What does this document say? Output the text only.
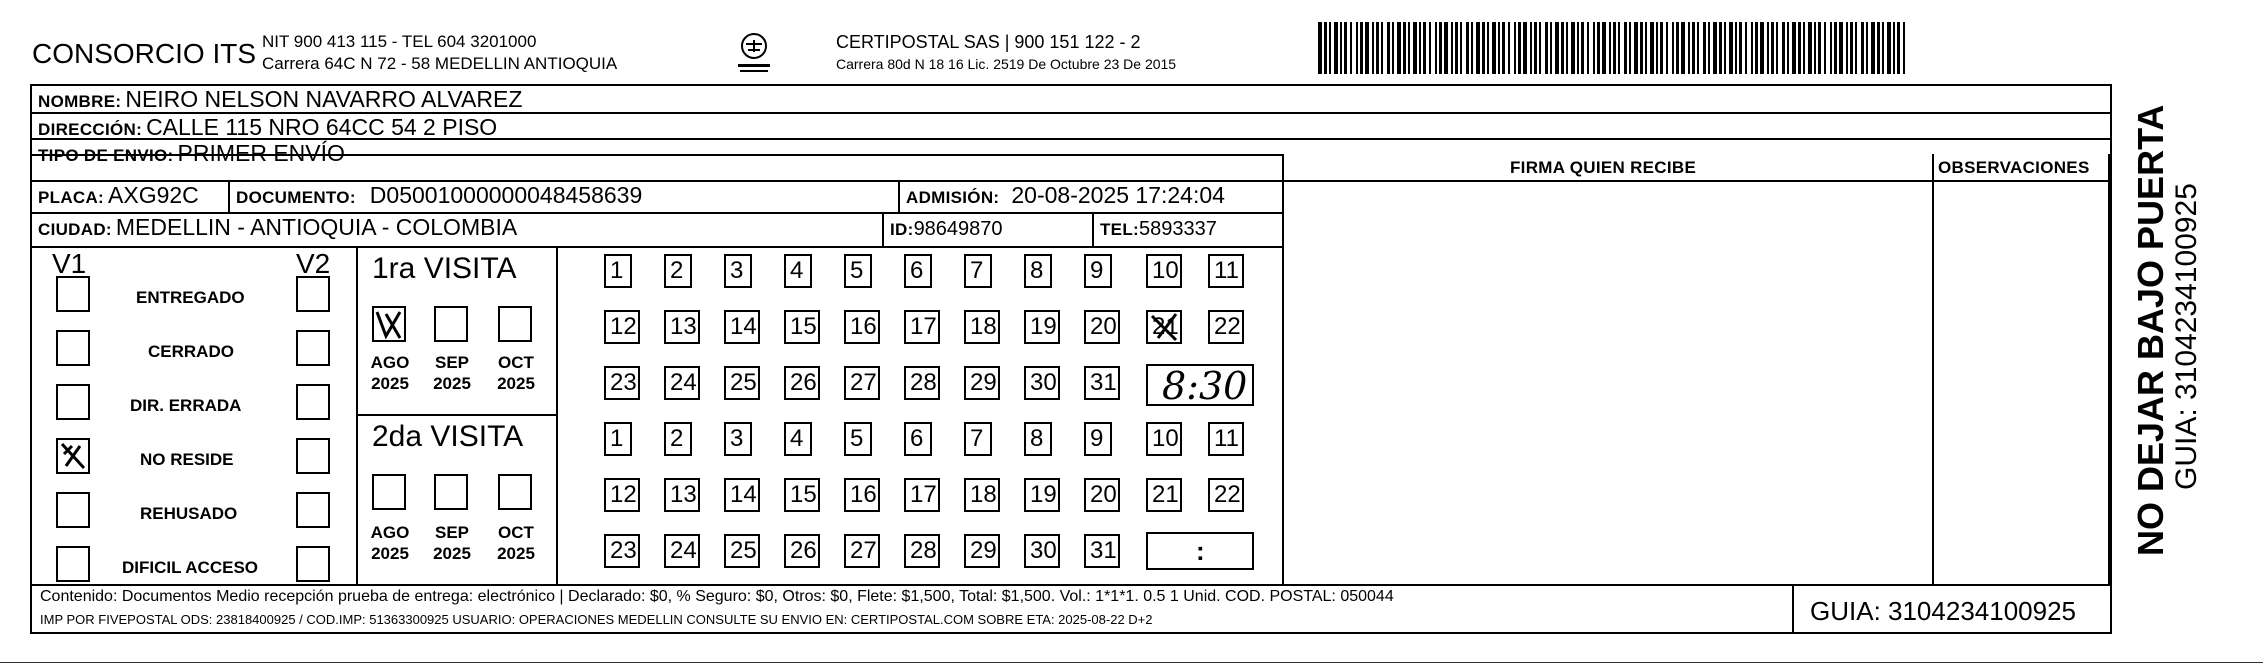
CONSORCIO ITS NIT 900 413 115 - TEL 604 3201000
Carrera 64C N 72 - 58 MEDELLIN ANTIOQUIA
CERTIPOSTAL SAS | 900 151 122 - 2
Carrera 80d N 18 16 Lic. 2519 De Octubre 23 De 2015
NOMBRE: NEIRO NELSON NAVARRO ALVAREZ
DIRECCIÓN: CALLE 115 NRO 64CC 54 2 PISO
TIPO DE ENVIO: PRIMER ENVÍO
PLACA: AXG92C DOCUMENTO: D05001000000048458639	ADMISIÓN: 20-08-2025 17:24:04
CIUDAD: MEDELLIN - ANTIOQUIA - COLOMBIA	ID:98649870	TEL:5893337
FIRMA QUIEN RECIBE	OBSERVACIONES
V1	V2
ENTREGADO
CERRADO
DIR. ERRADA
NO RESIDE
REHUSADO
DIFICIL ACCESO
1ra VISITA
AGO
2025
SEP
2025
OCT
2025
1	2	3	4	5	6	7	8	9	10 11
12 13 14 15 16 17 18 19 20 21 22
23 24 25 26 27 28 29 30 31 8:30
2da VISITA
AGO
2025
SEP
2025
OCT
2025
1	2	3	4	5	6	7	8	9	10 11
12 13 14 15 16 17 18 19 20 21 22
23 24 25 26 27 28 29 30 31	:
Contenido: Documentos Medio recepción prueba de entrega: electrónico | Declarado: $0, % Seguro: $0, Otros: $0, Flete: $1,500, Total: $1,500. Vol.: 1*1*1. 0.5 1 Unid. COD. POSTAL: 050044
IMP POR FIVEPOSTAL ODS: 23818400925 / COD.IMP: 51363300925 USUARIO: OPERACIONES MEDELLIN CONSULTE SU ENVIO EN: CERTIPOSTAL.COM SOBRE ETA: 2025-08-22 D+2	GUIA: 3104234100925
NO DEJAR BAJO PUERTA GUIA: 3104234100925
